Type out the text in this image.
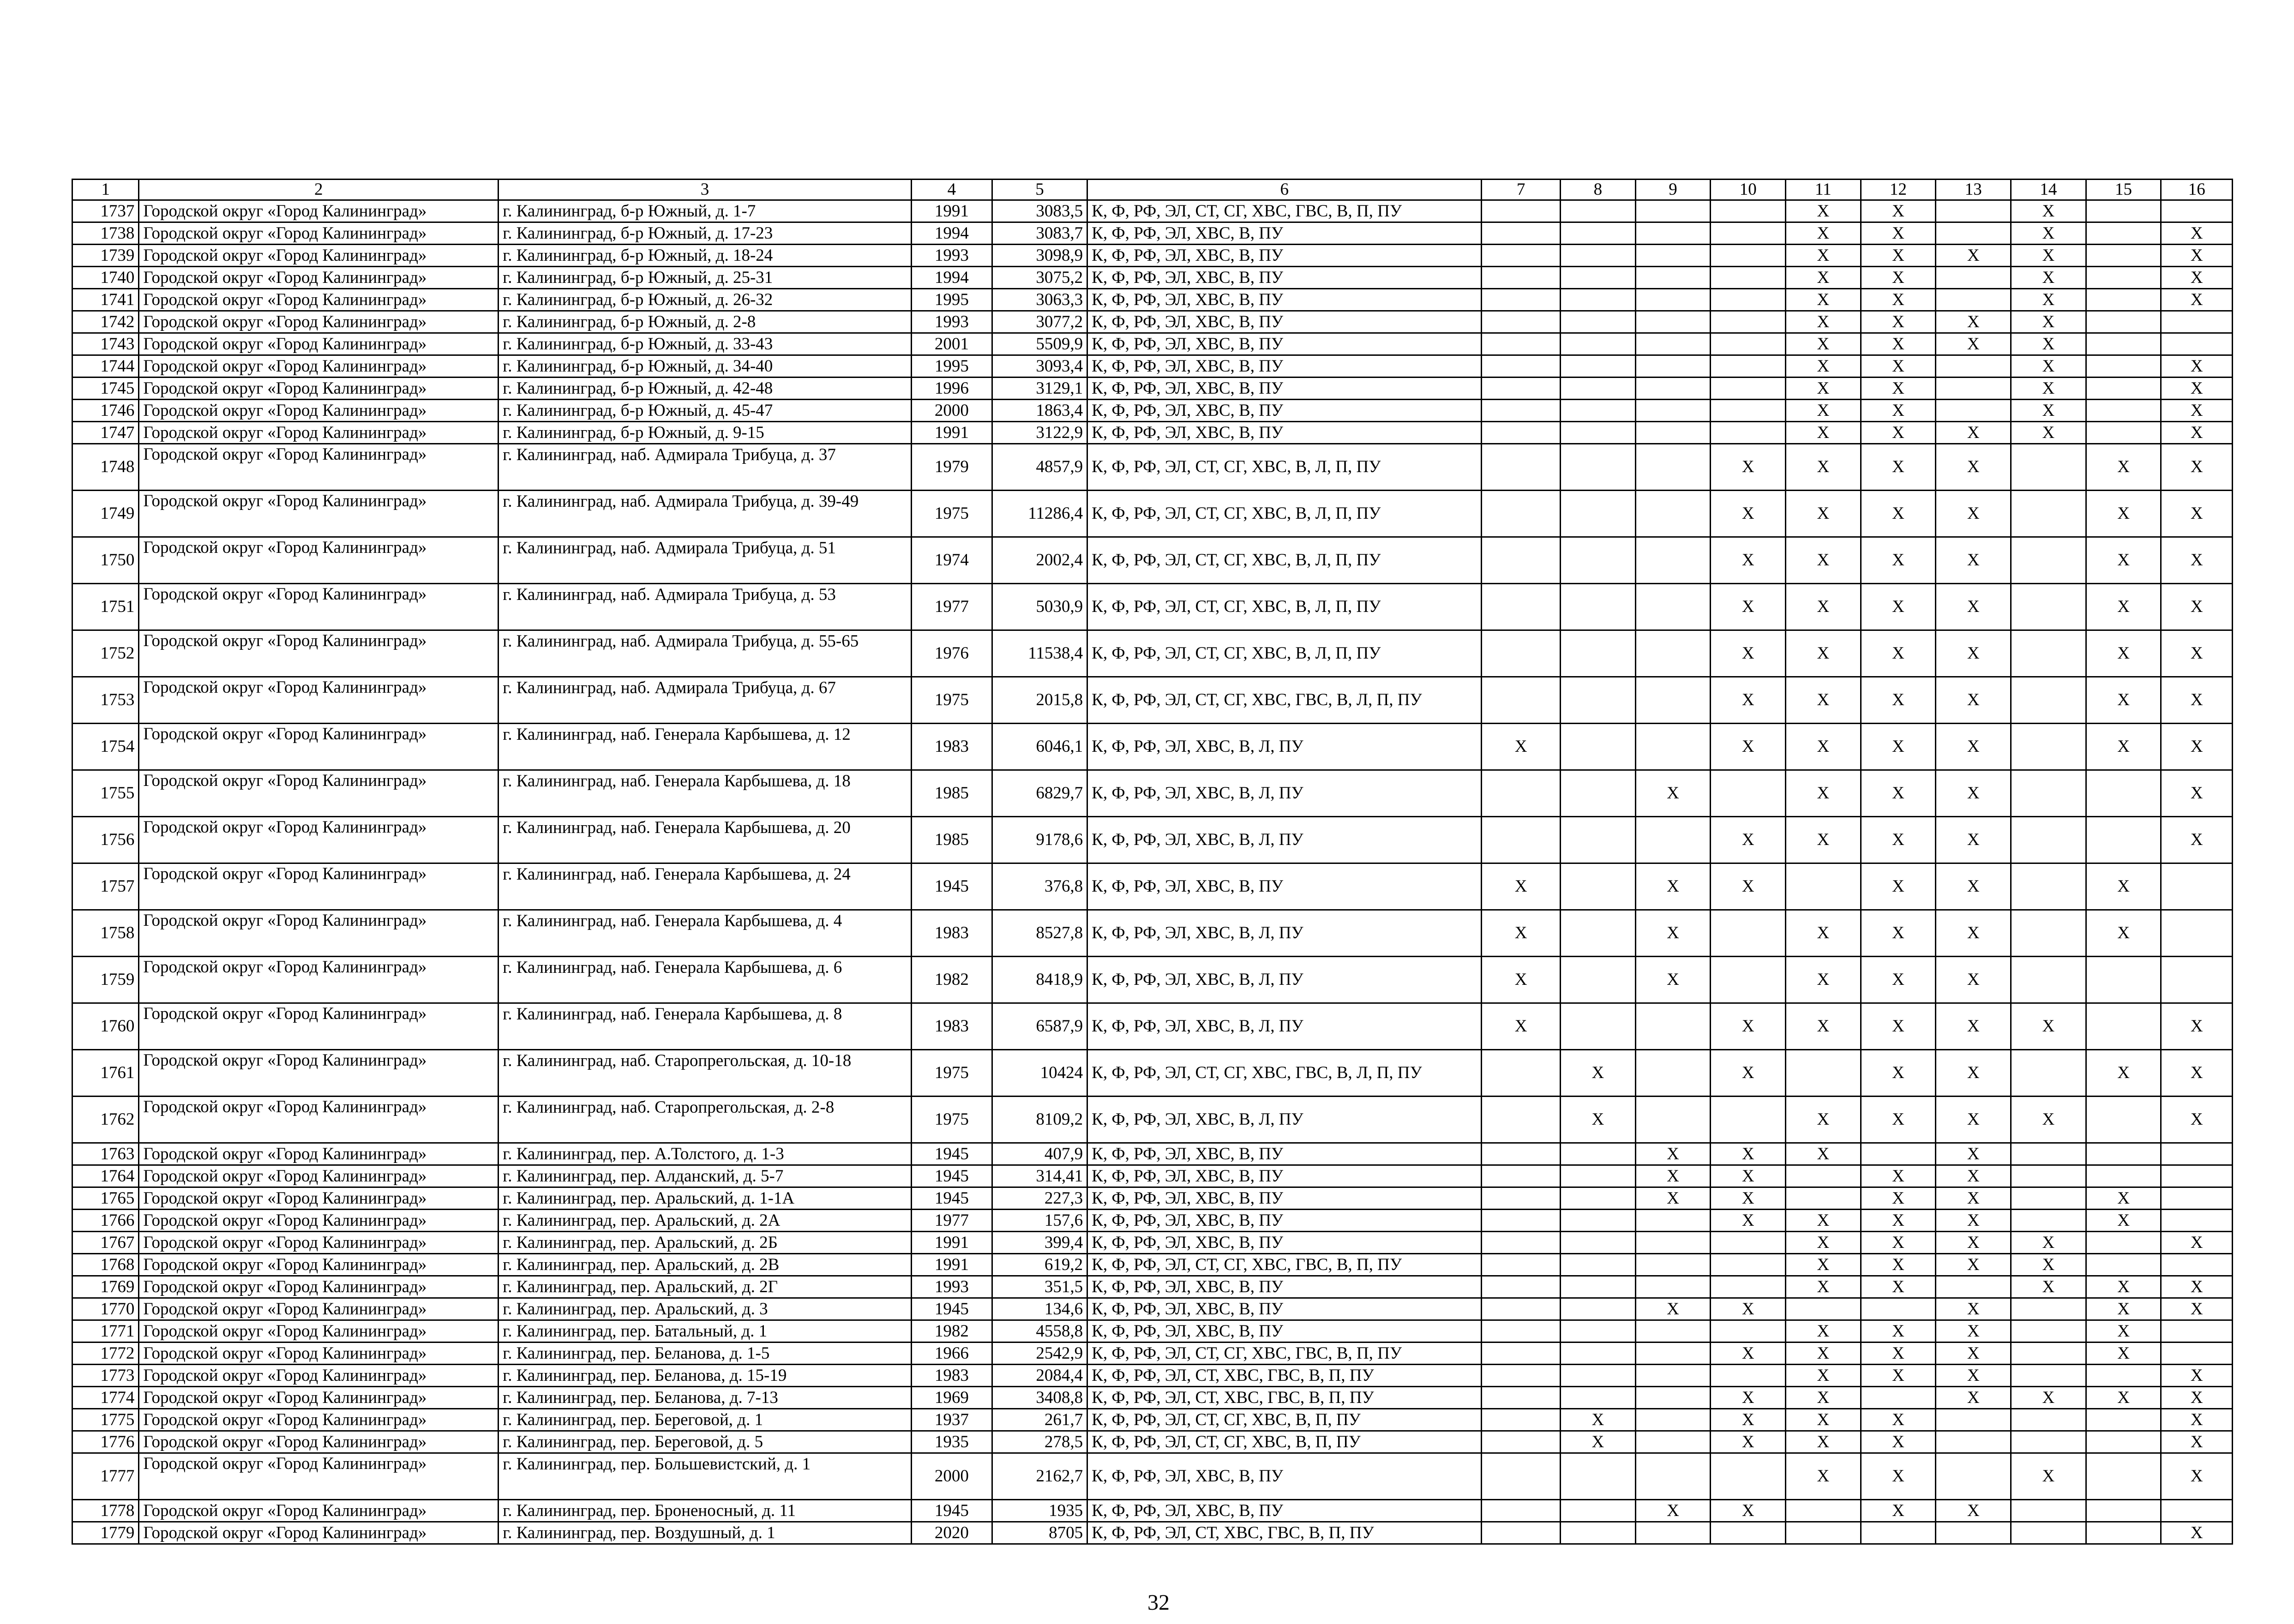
1	2	3	4	5	6	7	8	9	10	11	12	13	14	15	16
1737	Городской округ «Город Калининград»	г. Калининград, б-р Южный, д. 1-7	1991	3083,5	К, Ф, РФ, ЭЛ, СТ, СГ, ХВС, ГВС, В, П, ПУ					Х	Х		Х		
1738	Городской округ «Город Калининград»	г. Калининград, б-р Южный, д. 17-23	1994	3083,7	К, Ф, РФ, ЭЛ, ХВС, В, ПУ					Х	Х		Х		Х
1739	Городской округ «Город Калининград»	г. Калининград, б-р Южный, д. 18-24	1993	3098,9	К, Ф, РФ, ЭЛ, ХВС, В, ПУ					Х	Х	Х	Х		Х
1740	Городской округ «Город Калининград»	г. Калининград, б-р Южный, д. 25-31	1994	3075,2	К, Ф, РФ, ЭЛ, ХВС, В, ПУ					Х	Х		Х		Х
1741	Городской округ «Город Калининград»	г. Калининград, б-р Южный, д. 26-32	1995	3063,3	К, Ф, РФ, ЭЛ, ХВС, В, ПУ					Х	Х		Х		Х
1742	Городской округ «Город Калининград»	г. Калининград, б-р Южный, д. 2-8	1993	3077,2	К, Ф, РФ, ЭЛ, ХВС, В, ПУ					Х	Х	Х	Х		
1743	Городской округ «Город Калининград»	г. Калининград, б-р Южный, д. 33-43	2001	5509,9	К, Ф, РФ, ЭЛ, ХВС, В, ПУ					Х	Х	Х	Х		
1744	Городской округ «Город Калининград»	г. Калининград, б-р Южный, д. 34-40	1995	3093,4	К, Ф, РФ, ЭЛ, ХВС, В, ПУ					Х	Х		Х		Х
1745	Городской округ «Город Калининград»	г. Калининград, б-р Южный, д. 42-48	1996	3129,1	К, Ф, РФ, ЭЛ, ХВС, В, ПУ					Х	Х		Х		Х
1746	Городской округ «Город Калининград»	г. Калининград, б-р Южный, д. 45-47	2000	1863,4	К, Ф, РФ, ЭЛ, ХВС, В, ПУ					Х	Х		Х		Х
1747	Городской округ «Город Калининград»	г. Калининград, б-р Южный, д. 9-15	1991	3122,9	К, Ф, РФ, ЭЛ, ХВС, В, ПУ					Х	Х	Х	Х		Х
1748	Городской округ «Город Калининград»	г. Калининград, наб. Адмирала Трибуца, д. 37	1979	4857,9	К, Ф, РФ, ЭЛ, СТ, СГ, ХВС, В, Л, П, ПУ				Х	Х	Х	Х		Х	Х
1749	Городской округ «Город Калининград»	г. Калининград, наб. Адмирала Трибуца, д. 39-49	1975	11286,4	К, Ф, РФ, ЭЛ, СТ, СГ, ХВС, В, Л, П, ПУ				Х	Х	Х	Х		Х	Х
1750	Городской округ «Город Калининград»	г. Калининград, наб. Адмирала Трибуца, д. 51	1974	2002,4	К, Ф, РФ, ЭЛ, СТ, СГ, ХВС, В, Л, П, ПУ				Х	Х	Х	Х		Х	Х
1751	Городской округ «Город Калининград»	г. Калининград, наб. Адмирала Трибуца, д. 53	1977	5030,9	К, Ф, РФ, ЭЛ, СТ, СГ, ХВС, В, Л, П, ПУ				Х	Х	Х	Х		Х	Х
1752	Городской округ «Город Калининград»	г. Калининград, наб. Адмирала Трибуца, д. 55-65	1976	11538,4	К, Ф, РФ, ЭЛ, СТ, СГ, ХВС, В, Л, П, ПУ				Х	Х	Х	Х		Х	Х
1753	Городской округ «Город Калининград»	г. Калининград, наб. Адмирала Трибуца, д. 67	1975	2015,8	К, Ф, РФ, ЭЛ, СТ, СГ, ХВС, ГВС, В, Л, П, ПУ				Х	Х	Х	Х		Х	Х
1754	Городской округ «Город Калининград»	г. Калининград, наб. Генерала Карбышева, д. 12	1983	6046,1	К, Ф, РФ, ЭЛ, ХВС, В, Л, ПУ	Х			Х	Х	Х	Х		Х	Х
1755	Городской округ «Город Калининград»	г. Калининград, наб. Генерала Карбышева, д. 18	1985	6829,7	К, Ф, РФ, ЭЛ, ХВС, В, Л, ПУ			Х		Х	Х	Х			Х
1756	Городской округ «Город Калининград»	г. Калининград, наб. Генерала Карбышева, д. 20	1985	9178,6	К, Ф, РФ, ЭЛ, ХВС, В, Л, ПУ				Х	Х	Х	Х			Х
1757	Городской округ «Город Калининград»	г. Калининград, наб. Генерала Карбышева, д. 24	1945	376,8	К, Ф, РФ, ЭЛ, ХВС, В, ПУ	Х		Х	Х		Х	Х		Х	
1758	Городской округ «Город Калининград»	г. Калининград, наб. Генерала Карбышева, д. 4	1983	8527,8	К, Ф, РФ, ЭЛ, ХВС, В, Л, ПУ	Х		Х		Х	Х	Х		Х	
1759	Городской округ «Город Калининград»	г. Калининград, наб. Генерала Карбышева, д. 6	1982	8418,9	К, Ф, РФ, ЭЛ, ХВС, В, Л, ПУ	Х		Х		Х	Х	Х			
1760	Городской округ «Город Калининград»	г. Калининград, наб. Генерала Карбышева, д. 8	1983	6587,9	К, Ф, РФ, ЭЛ, ХВС, В, Л, ПУ	Х			Х	Х	Х	Х	Х		Х
1761	Городской округ «Город Калининград»	г. Калининград, наб. Старопрегольская, д. 10-18	1975	10424	К, Ф, РФ, ЭЛ, СТ, СГ, ХВС, ГВС, В, Л, П, ПУ		Х		Х		Х	Х		Х	Х
1762	Городской округ «Город Калининград»	г. Калининград, наб. Старопрегольская, д. 2-8	1975	8109,2	К, Ф, РФ, ЭЛ, ХВС, В, Л, ПУ		Х			Х	Х	Х	Х		Х
1763	Городской округ «Город Калининград»	г. Калининград, пер. А.Толстого, д. 1-3	1945	407,9	К, Ф, РФ, ЭЛ, ХВС, В, ПУ			Х	Х	Х		Х			
1764	Городской округ «Город Калининград»	г. Калининград, пер. Алданский, д. 5-7	1945	314,41	К, Ф, РФ, ЭЛ, ХВС, В, ПУ			Х	Х		Х	Х			
1765	Городской округ «Город Калининград»	г. Калининград, пер. Аральский, д. 1-1А	1945	227,3	К, Ф, РФ, ЭЛ, ХВС, В, ПУ			Х	Х		Х	Х		Х	
1766	Городской округ «Город Калининград»	г. Калининград, пер. Аральский, д. 2А	1977	157,6	К, Ф, РФ, ЭЛ, ХВС, В, ПУ				Х	Х	Х	Х		Х	
1767	Городской округ «Город Калининград»	г. Калининград, пер. Аральский, д. 2Б	1991	399,4	К, Ф, РФ, ЭЛ, ХВС, В, ПУ					Х	Х	Х	Х		Х
1768	Городской округ «Город Калининград»	г. Калининград, пер. Аральский, д. 2В	1991	619,2	К, Ф, РФ, ЭЛ, СТ, СГ, ХВС, ГВС, В, П, ПУ					Х	Х	Х	Х		
1769	Городской округ «Город Калининград»	г. Калининград, пер. Аральский, д. 2Г	1993	351,5	К, Ф, РФ, ЭЛ, ХВС, В, ПУ					Х	Х		Х	Х	Х
1770	Городской округ «Город Калининград»	г. Калининград, пер. Аральский, д. 3	1945	134,6	К, Ф, РФ, ЭЛ, ХВС, В, ПУ			Х	Х			Х		Х	Х
1771	Городской округ «Город Калининград»	г. Калининград, пер. Батальный, д. 1	1982	4558,8	К, Ф, РФ, ЭЛ, ХВС, В, ПУ					Х	Х	Х		Х	
1772	Городской округ «Город Калининград»	г. Калининград, пер. Беланова, д. 1-5	1966	2542,9	К, Ф, РФ, ЭЛ, СТ, СГ, ХВС, ГВС, В, П, ПУ				Х	Х	Х	Х		Х	
1773	Городской округ «Город Калининград»	г. Калининград, пер. Беланова, д. 15-19	1983	2084,4	К, Ф, РФ, ЭЛ, СТ, ХВС, ГВС, В, П, ПУ					Х	Х	Х			Х
1774	Городской округ «Город Калининград»	г. Калининград, пер. Беланова, д. 7-13	1969	3408,8	К, Ф, РФ, ЭЛ, СТ, ХВС, ГВС, В, П, ПУ				Х	Х		Х	Х	Х	Х
1775	Городской округ «Город Калининград»	г. Калининград, пер. Береговой, д. 1	1937	261,7	К, Ф, РФ, ЭЛ, СТ, СГ, ХВС, В, П, ПУ		Х		Х	Х	Х				Х
1776	Городской округ «Город Калининград»	г. Калининград, пер. Береговой, д. 5	1935	278,5	К, Ф, РФ, ЭЛ, СТ, СГ, ХВС, В, П, ПУ		Х		Х	Х	Х				Х
1777	Городской округ «Город Калининград»	г. Калининград, пер. Большевистский, д. 1	2000	2162,7	К, Ф, РФ, ЭЛ, ХВС, В, ПУ					Х	Х		Х		Х
1778	Городской округ «Город Калининград»	г. Калининград, пер. Броненосный, д. 11	1945	1935	К, Ф, РФ, ЭЛ, ХВС, В, ПУ			Х	Х		Х	Х			
1779	Городской округ «Город Калининград»	г. Калининград, пер. Воздушный, д. 1	2020	8705	К, Ф, РФ, ЭЛ, СТ, ХВС, ГВС, В, П, ПУ										Х
32
